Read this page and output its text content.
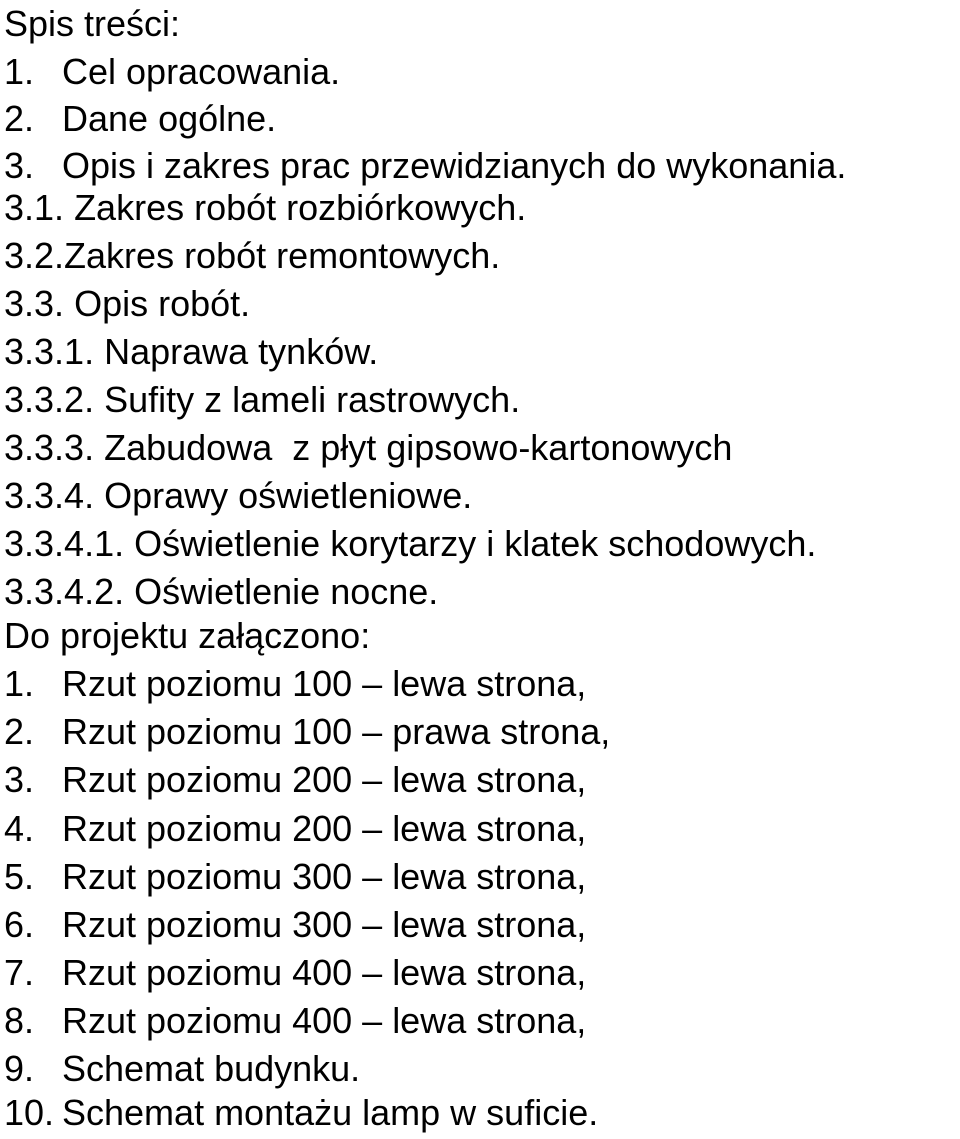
Spis treści:
1. Cel opracowania.
2. Dane ogólne.
3. Opis i zakres prac przewidzianych do wykonania.
3.1. Zakres robót rozbiórkowych.
3.2.Zakres robót remontowych.
3.3. Opis robót.
3.3.1. Naprawa tynków.
3.3.2. Sufity z lameli rastrowych.
3.3.3. Zabudowa  z płyt gipsowo-kartonowych
3.3.4. Oprawy oświetleniowe.
3.3.4.1. Oświetlenie korytarzy i klatek schodowych.
3.3.4.2. Oświetlenie nocne.
Do projektu załączono:
1. Rzut poziomu 100 – lewa strona,
2. Rzut poziomu 100 – prawa strona,
3. Rzut poziomu 200 – lewa strona,
4. Rzut poziomu 200 – lewa strona,
5. Rzut poziomu 300 – lewa strona,
6. Rzut poziomu 300 – lewa strona,
7. Rzut poziomu 400 – lewa strona,
8. Rzut poziomu 400 – lewa strona,
9. Schemat budynku.
10. Schemat montażu lamp w suficie.
